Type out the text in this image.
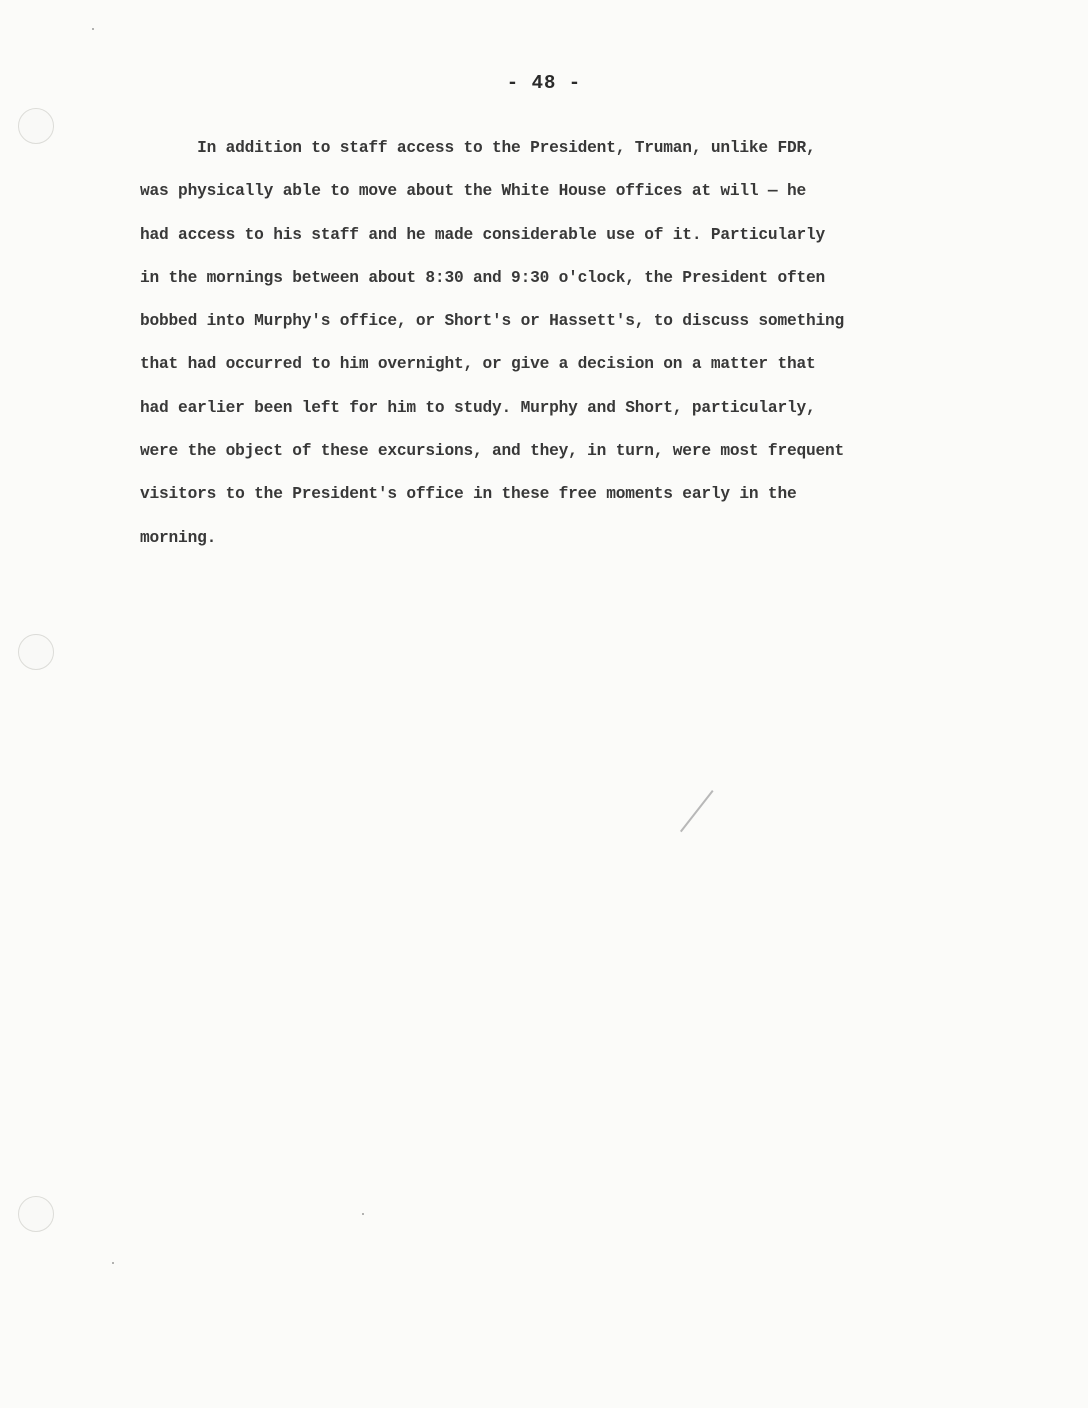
- 48 -
In addition to staff access to the President, Truman, unlike FDR,
was physically able to move about the White House offices at will — he
had access to his staff and he made considerable use of it. Particularly
in the mornings between about 8:30 and 9:30 o'clock, the President often
bobbed into Murphy's office, or Short's or Hassett's, to discuss something
that had occurred to him overnight, or give a decision on a matter that
had earlier been left for him to study. Murphy and Short, particularly,
were the object of these excursions, and they, in turn, were most frequent
visitors to the President's office in these free moments early in the
morning.
